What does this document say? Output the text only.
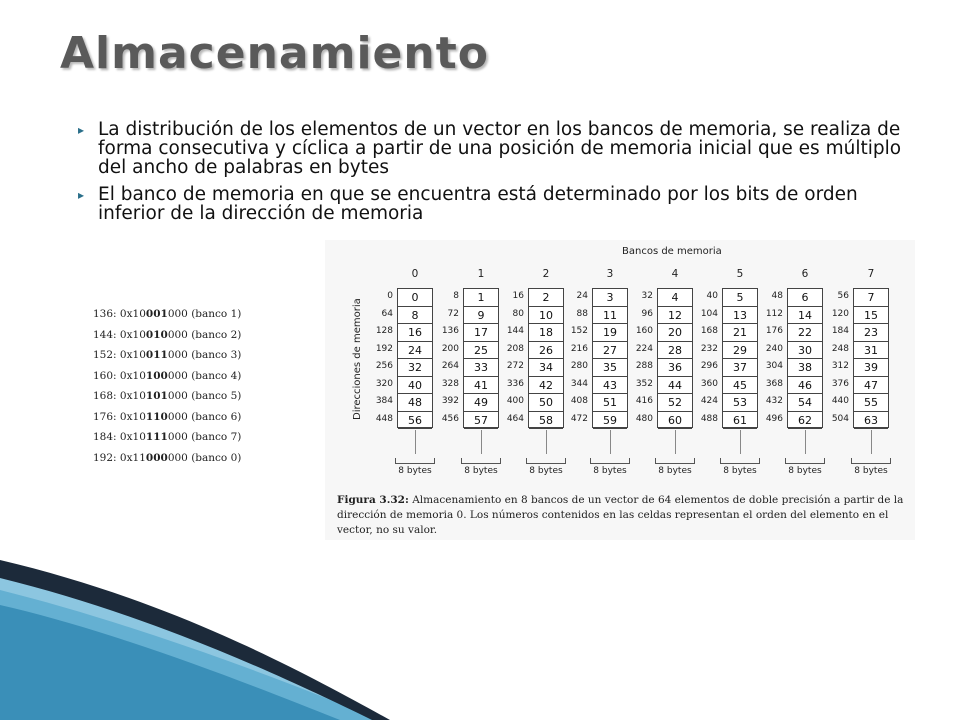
Almacenamiento
▸ La distribución de los elementos de un vector en los bancos de memoria, se realiza de forma consecutiva y cíclica a partir de una posición de memoria inicial que es múltiplo del ancho de palabras en bytes
▸ El banco de memoria en que se encuentra está determinado por los bits de orden inferior de la dirección de memoria
136: 0x10001000 (banco 1)
144: 0x10010000 (banco 2)
152: 0x10011000 (banco 3)
160: 0x10100000 (banco 4)
168: 0x10101000 (banco 5)
176: 0x10110000 (banco 6)
184: 0x10111000 (banco 7)
192: 0x11000000 (banco 0)
Bancos de memoria
Direcciones de memoria
0
0
8
16
24
32
40
48
56
0
64
128
192
256
320
384
448
8 bytes
1
1
9
17
25
33
41
49
57
8
72
136
200
264
328
392
456
8 bytes
2
2
10
18
26
34
42
50
58
16
80
144
208
272
336
400
464
8 bytes
3
3
11
19
27
35
43
51
59
24
88
152
216
280
344
408
472
8 bytes
4
4
12
20
28
36
44
52
60
32
96
160
224
288
352
416
480
8 bytes
5
5
13
21
29
37
45
53
61
40
104
168
232
296
360
424
488
8 bytes
6
6
14
22
30
38
46
54
62
48
112
176
240
304
368
432
496
8 bytes
7
7
15
23
31
39
47
55
63
56
120
184
248
312
376
440
504
8 bytes
Figura 3.32: Almacenamiento en 8 bancos de un vector de 64 elementos de doble precisión a partir de la dirección de memoria 0. Los números contenidos en las celdas representan el orden del elemento en el vector, no su valor.
